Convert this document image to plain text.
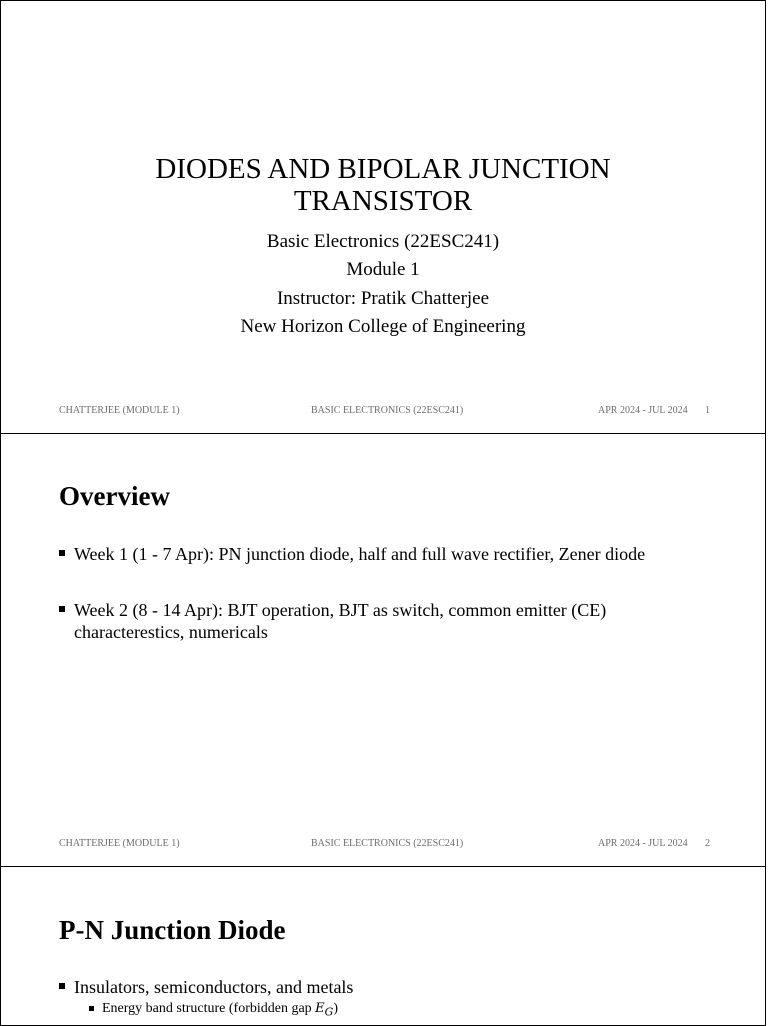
DIODES AND BIPOLAR JUNCTION
TRANSISTOR
Basic Electronics (22ESC241)
Module 1
Instructor: Pratik Chatterjee
New Horizon College of Engineering
CHATTERJEE (MODULE 1)	BASIC ELECTRONICS (22ESC241)	APR 2024 - JUL 2024 1
Overview
Week 1 (1 - 7 Apr): PN junction diode, half and full wave rectifier, Zener diode
Week 2 (8 - 14 Apr): BJT operation, BJT as switch, common emitter (CE) characterestics, numericals
CHATTERJEE (MODULE 1)	BASIC ELECTRONICS (22ESC241)	APR 2024 - JUL 2024 2
P-N Junction Diode
Insulators, semiconductors, and metals
Energy band structure (forbidden gap $E_G$)
